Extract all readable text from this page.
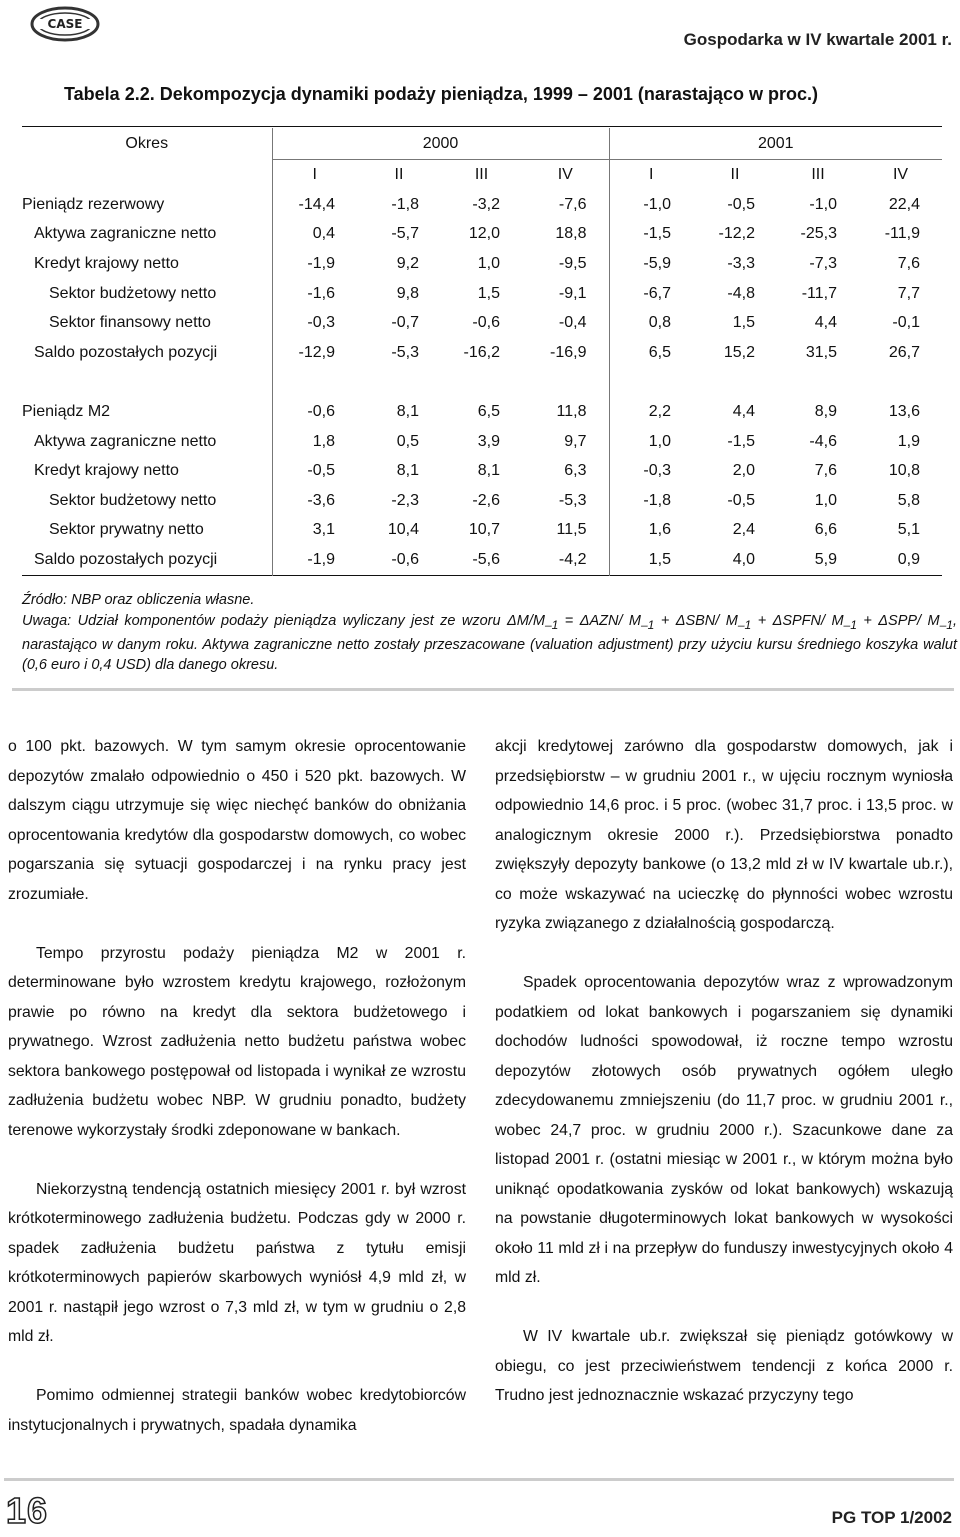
CASE
Gospodarka w IV kwartale 2001 r.
Tabela 2.2. Dekompozycja dynamiki podaży pieniądza, 1999 – 2001 (narastająco w proc.)
Okres	2000				2001			
	I	II	III	IV	I	II	III	IV
Pieniądz rezerwowy	-14,4	-1,8	-3,2	-7,6	-1,0	-0,5	-1,0	22,4
Aktywa zagraniczne netto	0,4	-5,7	12,0	18,8	-1,5	-12,2	-25,3	-11,9
Kredyt krajowy netto	-1,9	9,2	1,0	-9,5	-5,9	-3,3	-7,3	7,6
Sektor budżetowy netto	-1,6	9,8	1,5	-9,1	-6,7	-4,8	-11,7	7,7
Sektor finansowy netto	-0,3	-0,7	-0,6	-0,4	0,8	1,5	4,4	-0,1
Saldo pozostałych pozycji	-12,9	-5,3	-16,2	-16,9	6,5	15,2	31,5	26,7

Pieniądz M2	-0,6	8,1	6,5	11,8	2,2	4,4	8,9	13,6
Aktywa zagraniczne netto	1,8	0,5	3,9	9,7	1,0	-1,5	-4,6	1,9
Kredyt krajowy netto	-0,5	8,1	8,1	6,3	-0,3	2,0	7,6	10,8
Sektor budżetowy netto	-3,6	-2,3	-2,6	-5,3	-1,8	-0,5	1,0	5,8
Sektor prywatny netto	3,1	10,4	10,7	11,5	1,6	2,4	6,6	5,1
Saldo pozostałych pozycji	-1,9	-0,6	-5,6	-4,2	1,5	4,0	5,9	0,9
Źródło: NBP oraz obliczenia własne.
Uwaga: Udział komponentów podaży pieniądza wyliczany jest ze wzoru $\Delta M/M_{-1} = \Delta AZN/$ $M_{-1} + \Delta SBN/$ $M_{-1}$ + ΔSPFN/ $M_{-1} + \Delta SPP/$ $M_{-1}$, narastająco w danym roku. Aktywa zagraniczne netto zostały przeszacowane (valuation adjustment) przy użyciu kursu średniego koszyka walut (0,6 euro i 0,4 USD) dla danego okresu.

o 100 pkt. bazowych. W tym samym okresie oprocentowanie depozytów zmalało odpowiednio o 450 i 520 pkt. bazowych. W dalszym ciągu utrzymuje się więc niechęć banków do obniżania oprocentowania kredytów dla gospodarstw domowych, co wobec pogarszania się sytuacji gospodarczej i na rynku pracy jest zrozumiałe.

Tempo przyrostu podaży pieniądza M2 w 2001 r. determinowane było wzrostem kredytu krajowego, rozłożonym prawie po równo na kredyt dla sektora budżetowego i prywatnego. Wzrost zadłużenia netto budżetu państwa wobec sektora bankowego postępował od listopada i wynikał ze wzrostu zadłużenia budżetu wobec NBP. W grudniu ponadto, budżety terenowe wykorzystały środki zdeponowane w bankach.

Niekorzystną tendencją ostatnich miesięcy 2001 r. był wzrost krótkoterminowego zadłużenia budżetu. Podczas gdy w 2000 r. spadek zadłużenia budżetu państwa z tytułu emisji krótkoterminowych papierów skarbowych wyniósł 4,9 mld zł, w 2001 r. nastąpił jego wzrost o 7,3 mld zł, w tym w grudniu o 2,8 mld zł.

Pomimo odmiennej strategii banków wobec kredytobiorców instytucjonalnych i prywatnych, spadała dynamika

akcji kredytowej zarówno dla gospodarstw domowych, jak i przedsiębiorstw – w grudniu 2001 r., w ujęciu rocznym wyniosła odpowiednio 14,6 proc. i 5 proc. (wobec 31,7 proc. i 13,5 proc. w analogicznym okresie 2000 r.). Przedsiębiorstwa ponadto zwiększyły depozyty bankowe (o 13,2 mld zł w IV kwartale ub.r.), co może wskazywać na ucieczkę do płynności wobec wzrostu ryzyka związanego z działalnością gospodarczą.

Spadek oprocentowania depozytów wraz z wprowadzonym podatkiem od lokat bankowych i pogarszaniem się dynamiki dochodów ludności spowodował, iż roczne tempo wzrostu depozytów złotowych osób prywatnych ogółem uległo zdecydowanemu zmniejszeniu (do 11,7 proc. w grudniu 2001 r., wobec 24,7 proc. w grudniu 2000 r.). Szacunkowe dane za listopad 2001 r. (ostatni miesiąc w 2001 r., w którym można było uniknąć opodatkowania zysków od lokat bankowych) wskazują na powstanie długoterminowych lokat bankowych w wysokości około 11 mld zł i na przepływ do funduszy inwestycyjnych około 4 mld zł.

W IV kwartale ub.r. zwiększał się pieniądz gotówkowy w obiegu, co jest przeciwieństwem tendencji z końca 2000 r. Trudno jest jednoznacznie wskazać przyczyny tego

16	PG TOP 1/2002
